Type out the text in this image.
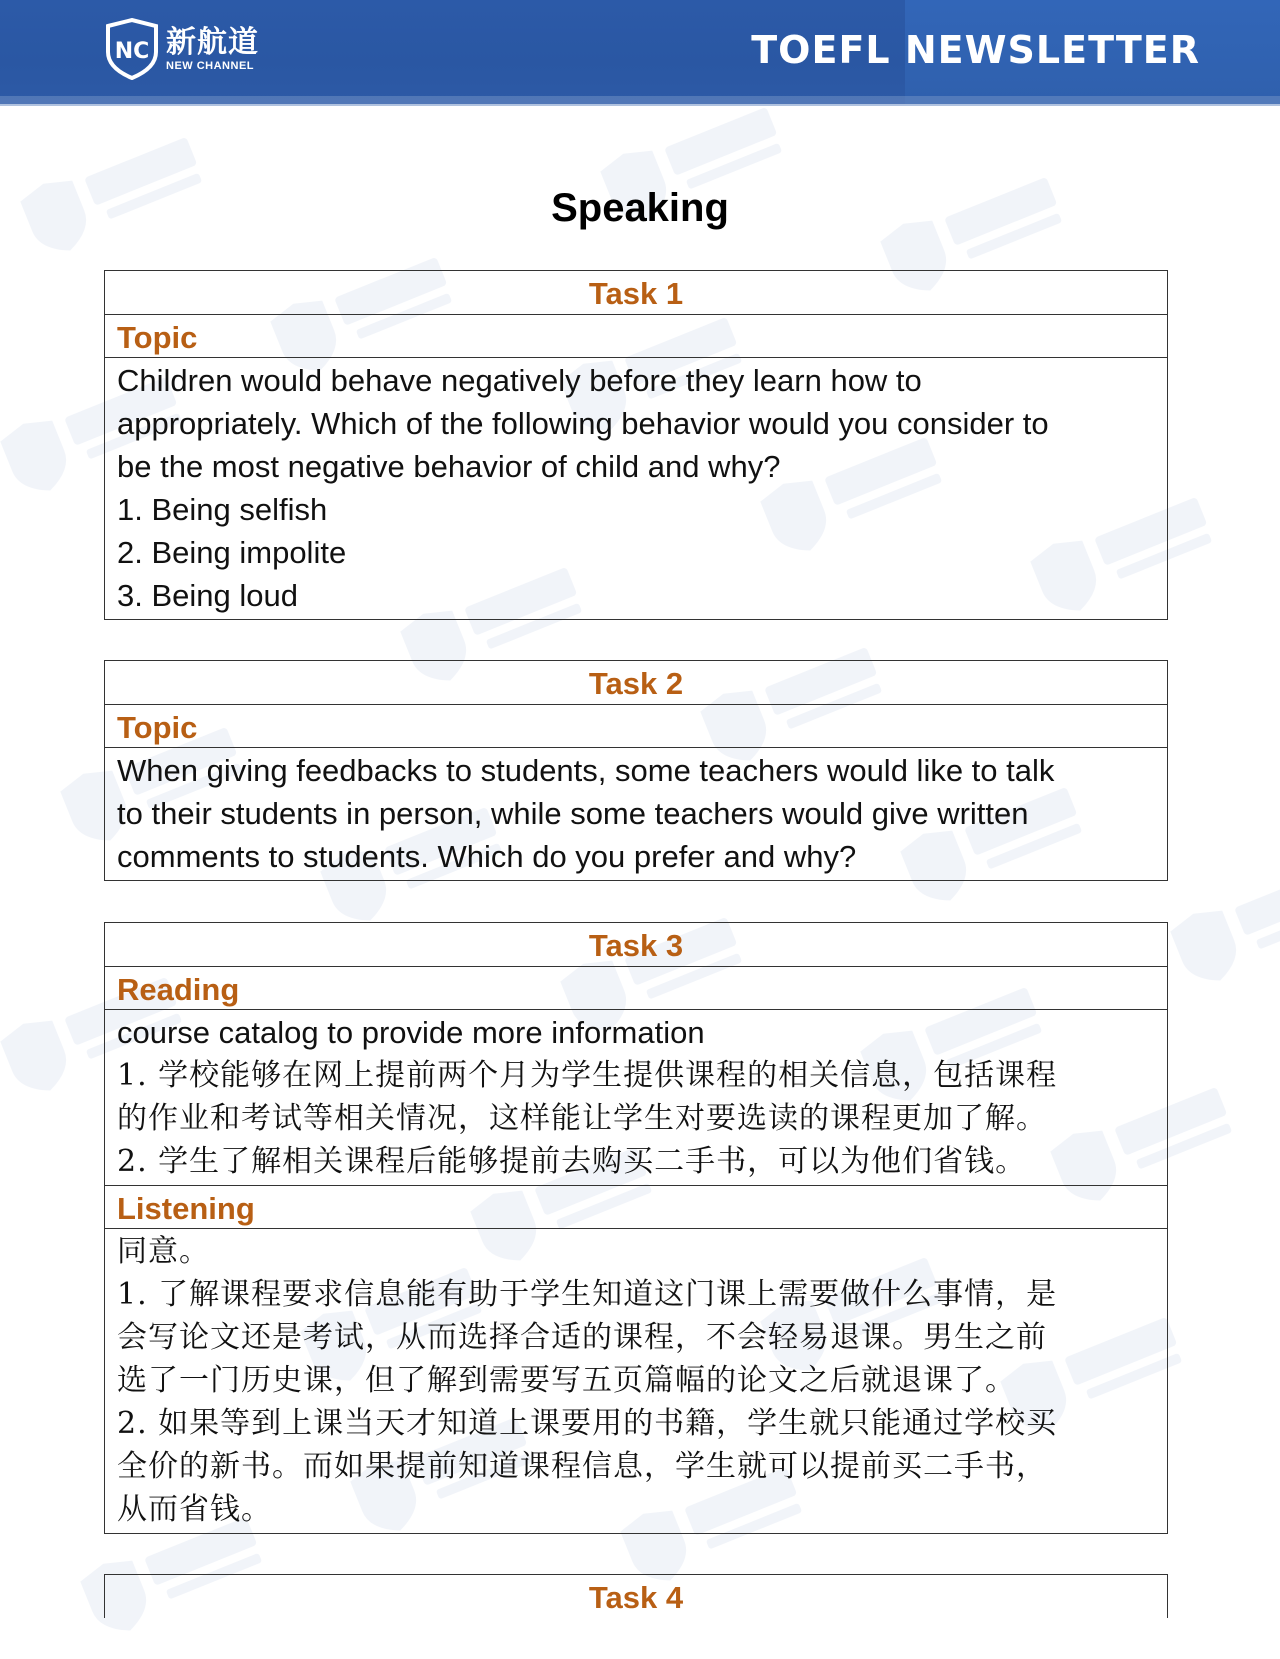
NC 新航道
NEW CHANNEL	TOEFL NEWSLETTER
Speaking
Task 1
Topic
Children would behave negatively before they learn how to
appropriately. Which of the following behavior would you consider to
be the most negative behavior of child and why?
1. Being selfish
2. Being impolite
3. Being loud
Task 2
Topic
When giving feedbacks to students, some teachers would like to talk
to their students in person, while some teachers would give written
comments to students. Which do you prefer and why?
Task 3
Reading
course catalog to provide more information
1. 学校能够在网上提前两个月为学生提供课程的相关信息，包括课程
的作业和考试等相关情况，这样能让学生对要选读的课程更加了解。
2. 学生了解相关课程后能够提前去购买二手书，可以为他们省钱。
Listening
同意。
1. 了解课程要求信息能有助于学生知道这门课上需要做什么事情，是
会写论文还是考试，从而选择合适的课程，不会轻易退课。男生之前
选了一门历史课，但了解到需要写五页篇幅的论文之后就退课了。
2. 如果等到上课当天才知道上课要用的书籍，学生就只能通过学校买
全价的新书。而如果提前知道课程信息，学生就可以提前买二手书，
从而省钱。
Task 4
